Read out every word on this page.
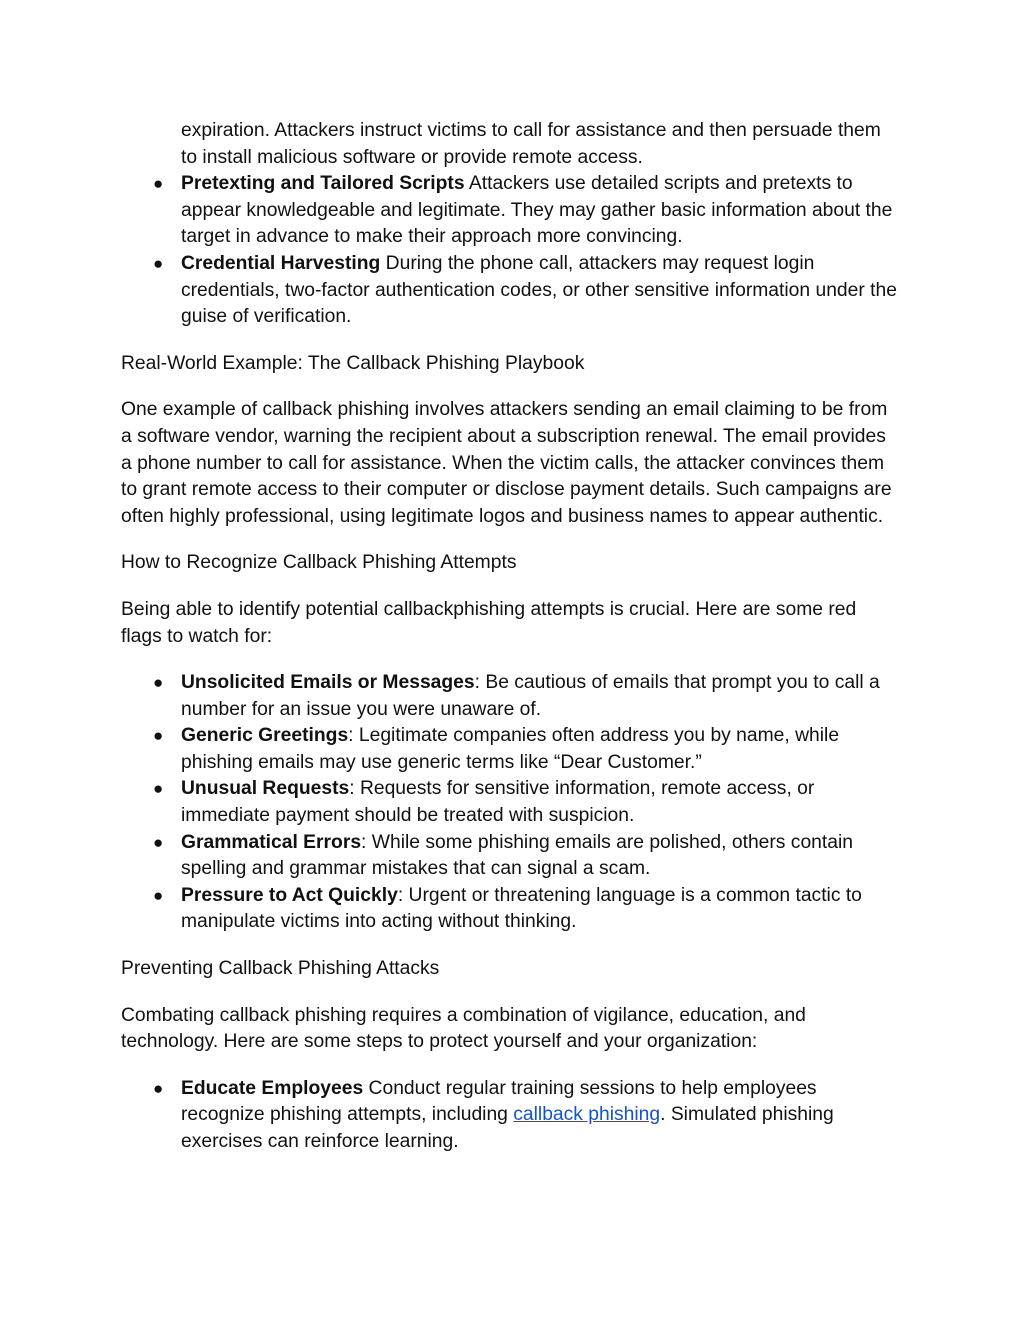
expiration. Attackers instruct victims to call for assistance and then persuade them to install malicious software or provide remote access.

● Pretexting and Tailored Scripts Attackers use detailed scripts and pretexts to appear knowledgeable and legitimate. They may gather basic information about the target in advance to make their approach more convincing.
● Credential Harvesting During the phone call, attackers may request login credentials, two-factor authentication codes, or other sensitive information under the guise of verification.

Real-World Example: The Callback Phishing Playbook

One example of callback phishing involves attackers sending an email claiming to be from a software vendor, warning the recipient about a subscription renewal. The email provides a phone number to call for assistance. When the victim calls, the attacker convinces them to grant remote access to their computer or disclose payment details. Such campaigns are often highly professional, using legitimate logos and business names to appear authentic.

How to Recognize Callback Phishing Attempts

Being able to identify potential callbackphishing attempts is crucial. Here are some red flags to watch for:

● Unsolicited Emails or Messages: Be cautious of emails that prompt you to call a number for an issue you were unaware of.
● Generic Greetings: Legitimate companies often address you by name, while phishing emails may use generic terms like “Dear Customer.”
● Unusual Requests: Requests for sensitive information, remote access, or immediate payment should be treated with suspicion.
● Grammatical Errors: While some phishing emails are polished, others contain spelling and grammar mistakes that can signal a scam.
● Pressure to Act Quickly: Urgent or threatening language is a common tactic to manipulate victims into acting without thinking.

Preventing Callback Phishing Attacks

Combating callback phishing requires a combination of vigilance, education, and technology. Here are some steps to protect yourself and your organization:

● Educate Employees Conduct regular training sessions to help employees recognize phishing attempts, including callback phishing. Simulated phishing exercises can reinforce learning.
